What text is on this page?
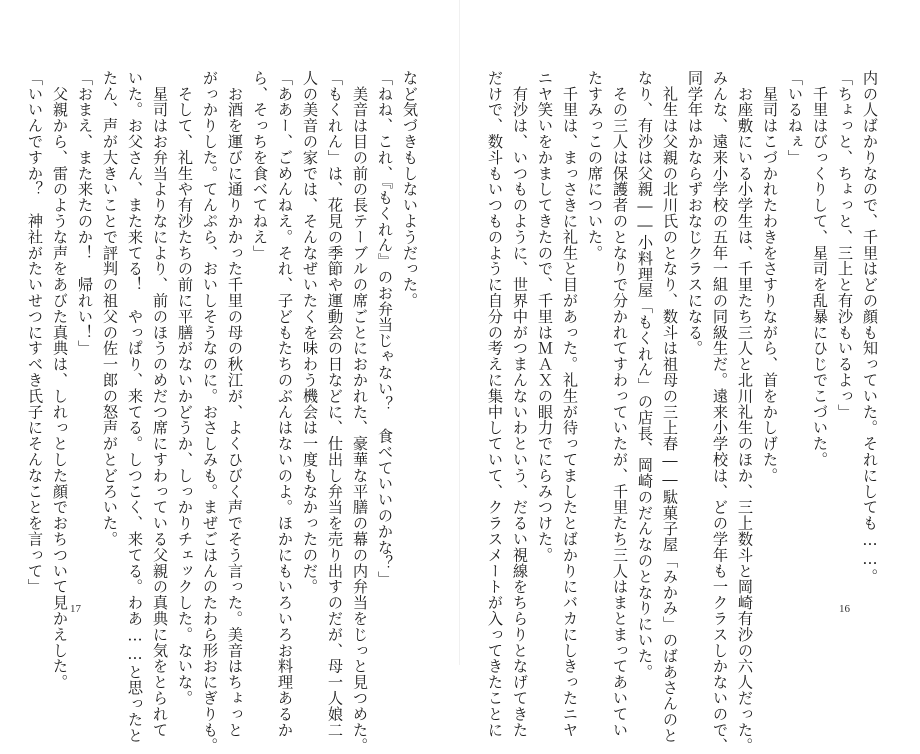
など気づきもしないようだった。
「ねね、これ、『もくれん』のお弁当じゃない？　食べていいのかな？」
　美音は目の前の長テーブルの席ごとにおかれた、豪華な平膳の幕の内弁当をじっと見つめた。
「もくれん」は、花見の季節や運動会の日などに、仕出し弁当を売り出すのだが、母一人娘二
人の美音の家では、そんなぜいたくを味わう機会は一度もなかったのだ。
「ああー、ごめんねえ。それ、子どもたちのぶんはないのよ。ほかにもいろいろお料理あるか
ら、そっちを食べてねえ」
　お酒を運びに通りかかった千里の母の秋江が、よくひびく声でそう言った。美音はちょっと
がっかりした。てんぷら、おいしそうなのに。おさしみも。まぜごはんのたわら形おにぎりも。
　そして、礼生や有沙たちの前に平膳がないかどうか、しっかりチェックした。ないな。
　星司はお弁当よりなにより、前のほうのめだつ席にすわっている父親の真典に気をとられて
いた。お父さん、また来てる！　やっぱり、来てる。しつこく、来てる。わあ……と思ったと
たん、声が大きいことで評判の祖父の佐一郎の怒声がとどろいた。
「おまえ、また来たのか！　帰れい！」
　父親から、雷のような声をあびた真典は、しれっとした顔でおちついて見かえした。
「いいんですか？　神社がたいせつにすべき氏子にそんなことを言って」
17
内の人ばかりなので、千里はどの顔も知っていた。それにしても……。
「ちょっと、ちょっと、三上と有沙もいるよっ」
　千里はびっくりして、星司を乱暴にひじでこづいた。
「いるねぇ」
　星司はこづかれたわきをさすりながら、首をかしげた。
　お座敷にいる小学生は、千里たち三人と北川礼生のほか、三上数斗と岡崎有沙の六人だった。
みんな、遠来小学校の五年一組の同級生だ。遠来小学校は、どの学年も一クラスしかないので、
同学年はかならずおなじクラスになる。
　礼生は父親の北川氏のとなり、数斗は祖母の三上春――駄菓子屋「みかみ」のばあさんのと
なり、有沙は父親――小料理屋「もくれん」の店長、岡崎のだんなのとなりにいた。
　その三人は保護者のとなりで分かれてすわっていたが、千里たち三人はまとまってあいてい
たすみっこの席についた。
　千里は、まっさきに礼生と目があった。礼生が待ってましたとばかりにバカにしきったニヤ
ニヤ笑いをかましてきたので、千里はＭＡＸの眼力でにらみつけた。
　有沙は、いつものように、世界中がつまんないわという、だるい視線をちらりとなげてきた
だけで、数斗もいつものように自分の考えに集中していて、クラスメートが入ってきたことに	16
